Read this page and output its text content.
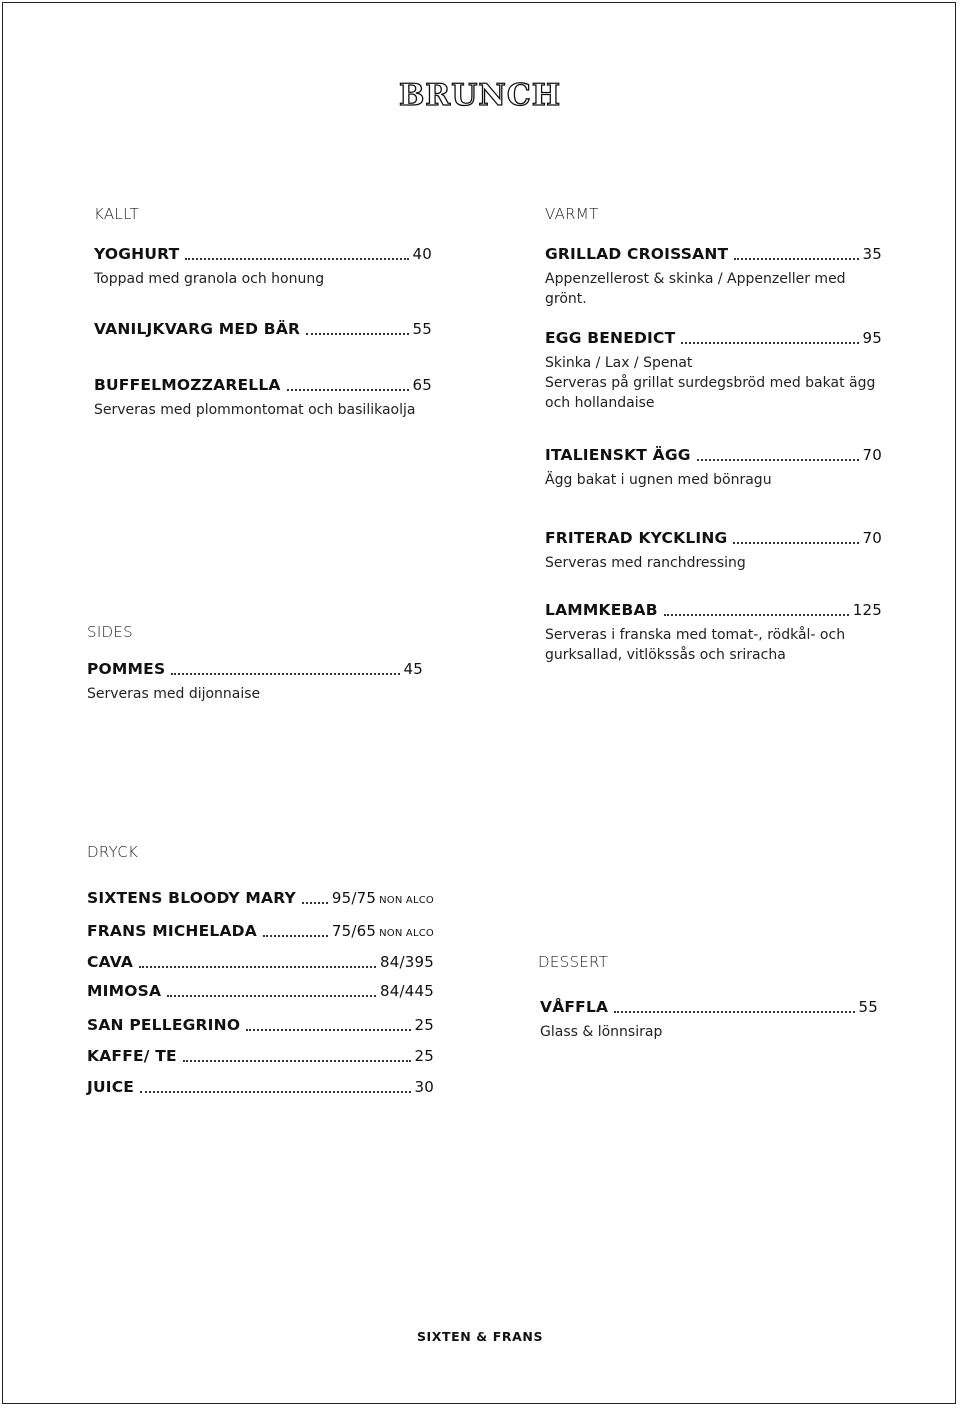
BRUNCH
KALLT
YOGHURT	40
Toppad med granola och honung
VANILJKVARG MED BÄR	55
BUFFELMOZZARELLA	65
Serveras med plommontomat och basilikaolja
VARMT
GRILLAD CROISSANT	35
Appenzellerost & skinka / Appenzeller med grönt.
EGG BENEDICT	95
Skinka / Lax / Spenat
Serveras på grillat surdegsbröd med bakat ägg
och hollandaise
ITALIENSKT ÄGG	70
Ägg bakat i ugnen med bönragu
FRITERAD KYCKLING	70
Serveras med ranchdressing
LAMMKEBAB	125
Serveras i franska med tomat-, rödkål- och
gurksallad, vitlökssås och sriracha
SIDES
POMMES	45
Serveras med dijonnaise
DRYCK
SIXTENS BLOODY MARY 95/75 NON ALCO
FRANS MICHELADA	75/65 NON ALCO
CAVA	84/395
MIMOSA	84/445
SAN PELLEGRINO	25
KAFFE/ TE	25
JUICE	30
DESSERT
VÅFFLA	55
Glass & lönnsirap
SIXTEN & FRANS
